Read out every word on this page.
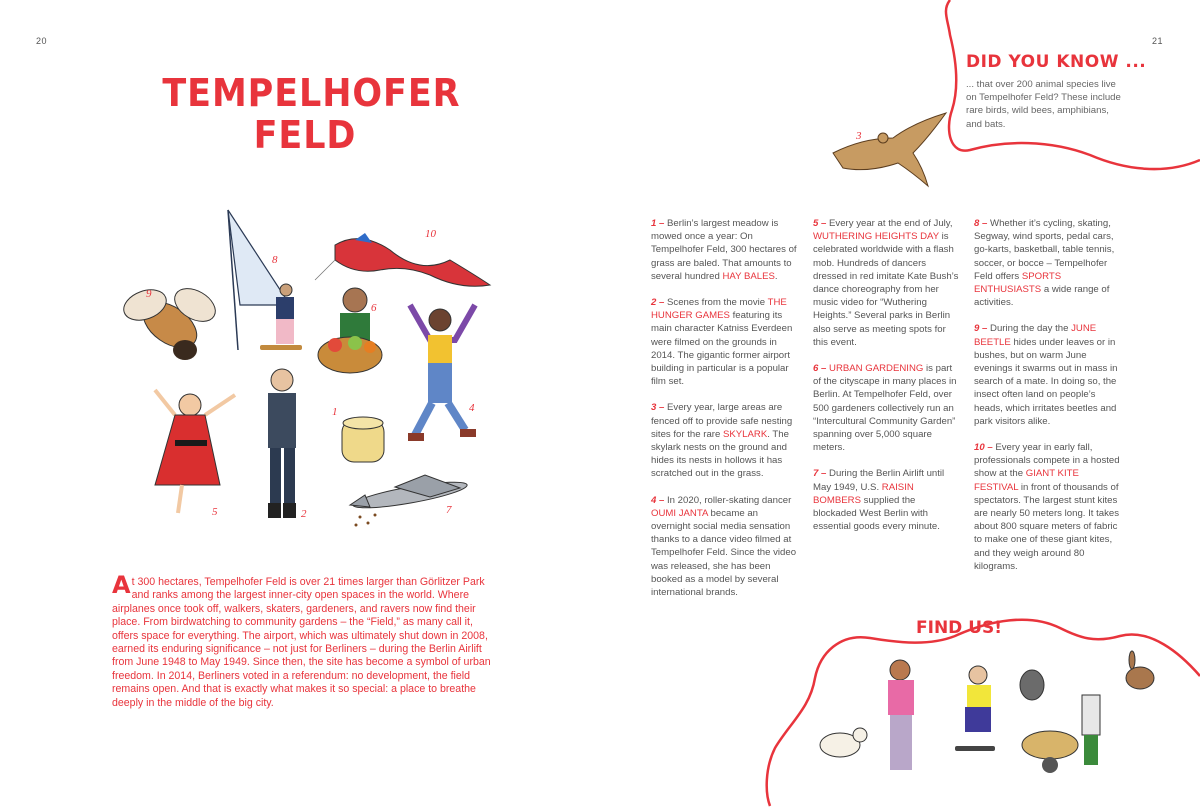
20	21
TEMPELHOFER
FELD
10
8
9
6
1	4
5	2	7
At 300 hectares, Tempelhofer Feld is over 21 times larger than Görlitzer Park and ranks among the largest inner-city open spaces in the world. Where airplanes once took off, walkers, skaters, gardeners, and ravers now find their place. From birdwatching to community gardens – the “Field,” as many call it, offers space for everything. The airport, which was ultimately shut down in 2008, earned its enduring significance – not just for Berliners – during the Berlin Airlift from June 1948 to May 1949. Since then, the site has become a symbol of urban freedom. In 2014, Berliners voted in a referendum: no development, the field remains open. And that is exactly what makes it so special: a place to breathe deeply in the middle of the big city.

1 – Berlin’s largest meadow is mowed once a year: On Tempelhofer Feld, 300 hectares of grass are baled. That amounts to several hundred HAY BALES.

2 – Scenes from the movie THE HUNGER GAMES featuring its main character Katniss Everdeen were filmed on the grounds in 2014. The gigantic former airport building in particular is a popular film set.

3 – Every year, large areas are fenced off to provide safe nesting sites for the rare SKYLARK. The skylark nests on the ground and hides its nests in hollows it has scratched out in the grass.

4 – In 2020, roller-skating dancer OUMI JANTA became an overnight social media sensation thanks to a dance video filmed at Tempelhofer Feld. Since the video was released, she has been booked as a model by several international brands.

5 – Every year at the end of July, WUTHERING HEIGHTS DAY is celebrated worldwide with a flash mob. Hundreds of dancers dressed in red imitate Kate Bush’s dance choreography from her music video for “Wuthering Heights.” Several parks in Berlin also serve as meeting spots for this event.

6 – URBAN GARDENING is part of the cityscape in many places in Berlin. At Tempelhofer Feld, over 500 gardeners collectively run an “Intercultural Community Garden” spanning over 5,000 square meters.

7 – During the Berlin Airlift until May 1949, U.S. RAISIN BOMBERS supplied the blockaded West Berlin with essential goods every minute.

8 – Whether it’s cycling, skating, Segway, wind sports, pedal cars, go-karts, basketball, table tennis, soccer, or bocce – Tempelhofer Feld offers SPORTS ENTHUSIASTS a wide range of activities.

9 – During the day the JUNE BEETLE hides under leaves or in bushes, but on warm June evenings it swarms out in mass in search of a mate. In doing so, the insect often land on people’s heads, which irritates beetles and park visitors alike.

10 – Every year in early fall, professionals compete in a hosted show at the GIANT KITE FESTIVAL in front of thousands of spectators. The largest stunt kites are nearly 50 meters long. It takes about 800 square meters of fabric to make one of these giant kites, and they weigh around 80 kilograms.

DID YOU KNOW ...
... that over 200 animal species live on Tempelhofer Feld? These include rare birds, wild bees, amphibians, and bats.
3
FIND US!
